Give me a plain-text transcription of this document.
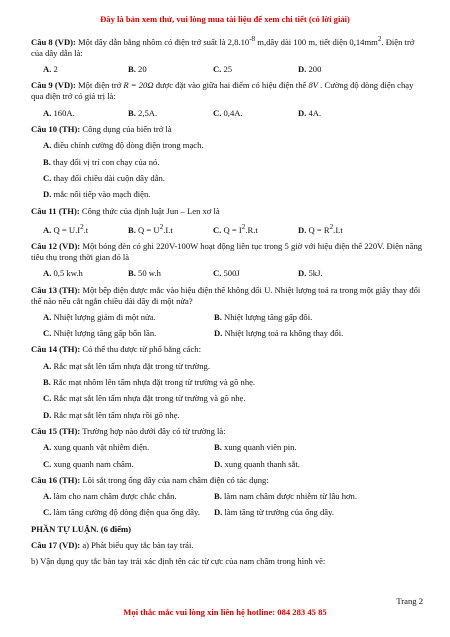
Đây là bản xem thử, vui lòng mua tài liệu để xem chi tiết (có lời giải)
Câu 8 (VD): Một dây dẫn bằng nhôm có điện trở suất là $2,8.10^{-8}$ m,dây dài 100 m, tiết diện $0,14mm^2$. Điện trở của dây dẫn là:
A. 2	B. 20	C. 25	D. 200
Câu 9 (VD): Một điện trở R = 20Ω được đặt vào giữa hai điểm có hiệu điện thế 8V . Cường độ dòng điện chạy qua điện trở có giá trị là:
A. 160A.	B. 2,5A.	C. 0,4A.	D. 4A.
Câu 10 (TH): Công dụng của biến trở là
A. điều chỉnh cường độ dòng điện trong mạch.
B. thay đổi vị trí con chạy của nó.
C. thay đổi chiều dài cuộn dây dẫn.
D. mắc nối tiếp vào mạch điện.
Câu 11 (TH): Công thức của định luật Jun – Len xơ là
A. $Q = U.I^2.t$	B. $Q = U^2.I.t$	C. $Q = I^2.R.t$	D. $Q = R^2.I.t$
Câu 12 (VD): Một bóng đèn có ghi 220V-100W hoạt động liên tục trong 5 giờ với hiệu điện thế 220V. Điện năng tiêu thụ trong thời gian đó là
A. 0,5 kw.h	B. 50 w.h	C. 500J	D. 5kJ.
Câu 13 (TH): Một bếp điện được mắc vào hiệu điện thế không đổi U. Nhiệt lượng toả ra trong một giây thay đổi thế nào nếu cắt ngắn chiều dài dây đi một nửa?
A. Nhiệt lượng giảm đi một nửa.	B. Nhiệt lượng tăng gấp đôi.
C. Nhiệt lượng tăng gấp bốn lần.	D. Nhiệt lượng toả ra không thay đổi.
Câu 14 (TH): Có thể thu được từ phổ bằng cách:
A. Rắc mạt sắt lên tấm nhựa đặt trong từ trường.
B. Rắc mạt nhôm lên tấm nhựa đặt trong từ trường và gõ nhẹ.
C. Rắc mạt sắt lên tấm nhựa đặt trong từ trường và gõ nhẹ.
D. Rắc mạt sắt lên tấm nhựa rồi gõ nhẹ.
Câu 15 (TH): Trường hợp nào dưới đây có từ trường là:
A. xung quanh vật nhiễm điện.	B. xung quanh viên pin.
C. xung quanh nam châm.	D. xung quanh thanh sắt.
Câu 16 (TH): Lõi sắt trong ống dây của nam châm điện có tác dụng:
A. làm cho nam châm được chắc chắn.	B. làm nam châm được nhiễm từ lâu hơn.
C. làm tăng cường độ dòng điện qua ống dây.	D. làm tăng từ trường của ống dây.
PHẦN TỰ LUẬN. (6 điểm)
Câu 17 (VD): a) Phát biểu quy tắc bàn tay trái.
b) Vận dụng quy tắc bàn tay trái xác định tên các từ cực của nam châm trong hình vẽ:
Trang 2
Mọi thắc mắc vui lòng xin liên hệ hotline: 084 283 45 85
